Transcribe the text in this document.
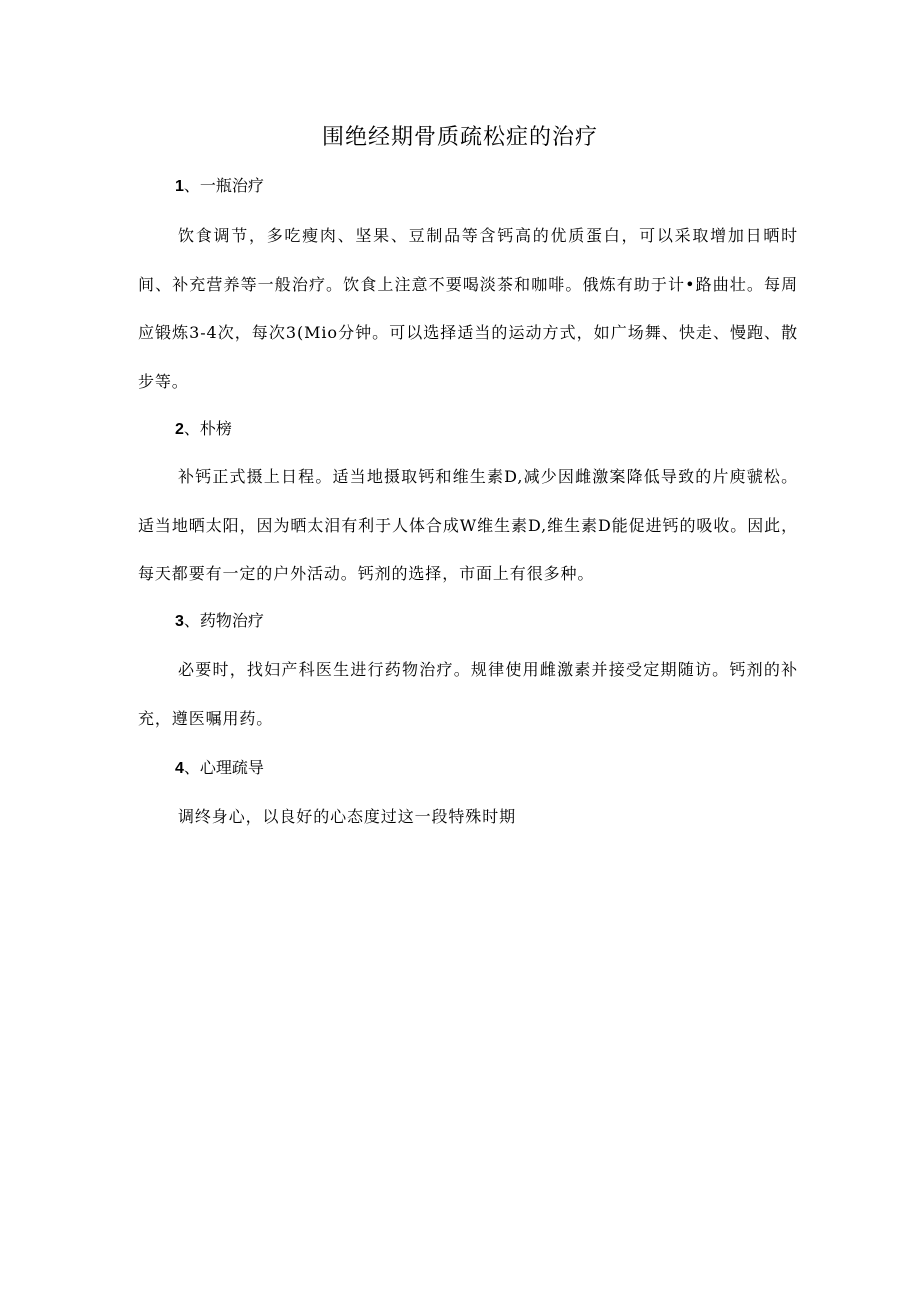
围绝经期骨质疏松症的治疗
1、一瓶治疗
饮食调节，多吃瘦肉、坚果、豆制品等含钙高的优质蛋白，可以采取增加日晒时间、补充营养等一般治疗。饮食上注意不要喝淡茶和咖啡。俄炼有助于计•路曲壮。每周应锻炼3-4次，每次3(Mio分钟。可以选择适当的运动方式，如广场舞、快走、慢跑、散步等。
2、朴榜
补钙正式摄上日程。适当地摄取钙和维生素D,减少因雌激案降低导致的片庾虢松。适当地晒太阳，因为晒太泪有利于人体合成W维生素D,维生素D能促进钙的吸收。因此，每天都要有一定的户外活动。钙剂的选择，市面上有很多种。
3、药物治疗
必要时，找妇产科医生进行药物治疗。规律使用雌激素并接受定期随访。钙剂的补充，遵医嘱用药。
4、心理疏导
调终身心，以良好的心态度过这一段特殊时期
